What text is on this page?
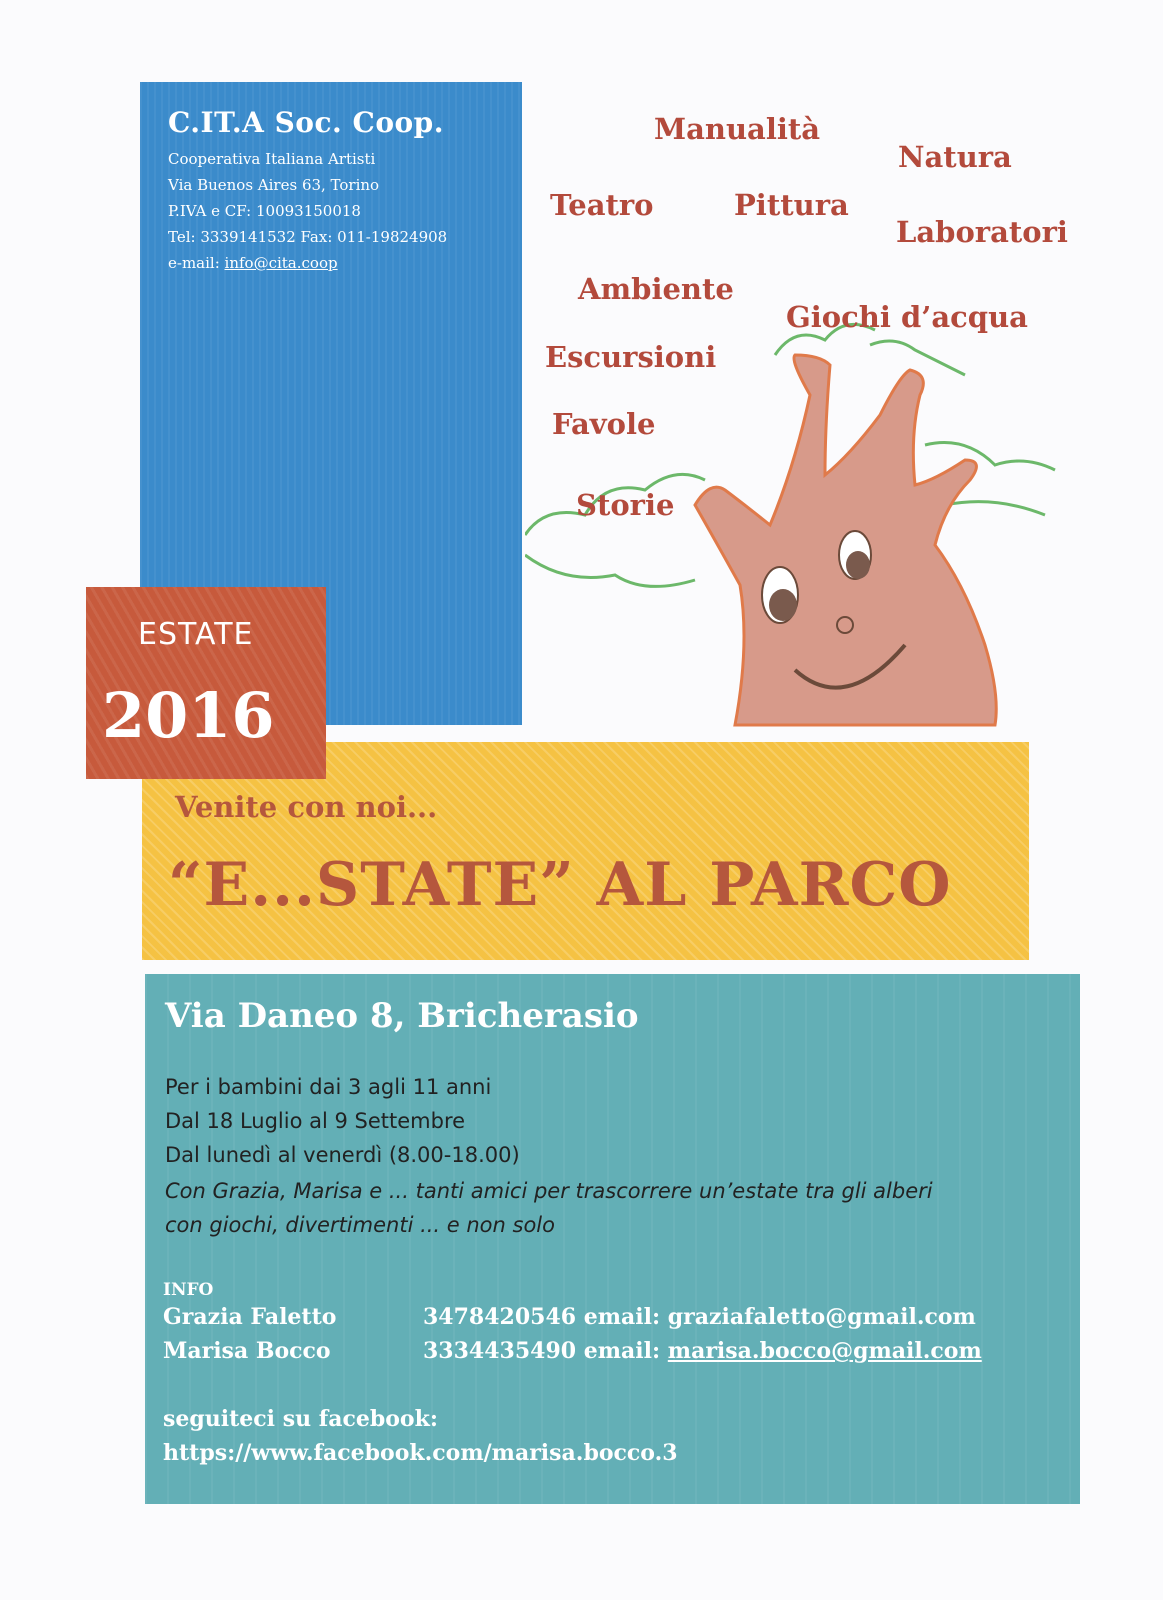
C.IT.A Soc. Coop.
Cooperativa Italiana Artisti
Via Buenos Aires 63, Torino
P.IVA e CF: 10093150018
Tel: 3339141532 Fax: 011-19824908
e-mail: info@cita.coop
Manualità
Natura
Teatro	Pittura
Laboratori
Ambiente
Giochi d’acqua
Escursioni
Favole
Storie
Venite con noi...
“E...STATE” AL PARCO
ESTATE
2016
Via Daneo 8, Bricherasio
Per i bambini dai 3 agli 11 anni
Dal 18 Luglio al 9 Settembre
Dal lunedì al venerdì (8.00-18.00)
Con Grazia, Marisa e ... tanti amici per trascorrere un’estate tra gli alberi
con giochi, divertimenti ... e non solo
INFO
Grazia Faletto	3478420546 email: graziafaletto@gmail.com
Marisa Bocco	3334435490 email: marisa.bocco@gmail.com
seguiteci su facebook:
https://www.facebook.com/marisa.bocco.3
